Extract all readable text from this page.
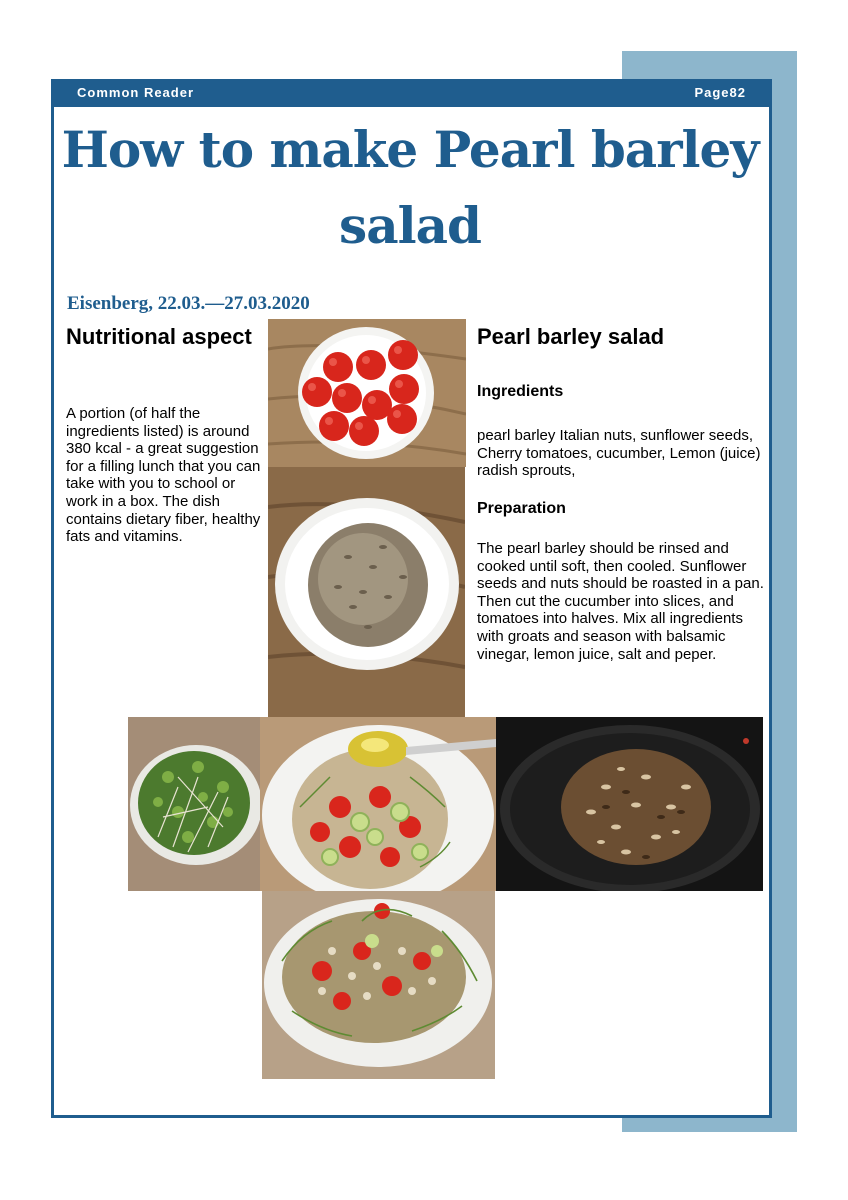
Common Reader	Page82
How to make Pearl barley salad
Eisenberg, 22.03.—27.03.2020
Nutritional aspect

A portion (of half the ingredients listed) is around 380 kcal - a great suggestion for a filling lunch that you can take with you to school or work in a box. The dish contains dietary fiber, healthy fats and vitamins.

Pearl barley salad
Ingredients

pearl barley Italian nuts, sunflower seeds, Cherry tomatoes, cucumber, Lemon (juice) radish sprouts,

Preparation

The pearl barley should be rinsed and cooked until soft, then cooled. Sunflower seeds and nuts should be roasted in a pan. Then cut the cucumber into slices, and tomatoes into halves. Mix all ingredients with groats and season with balsamic vinegar, lemon juice, salt and peper.
